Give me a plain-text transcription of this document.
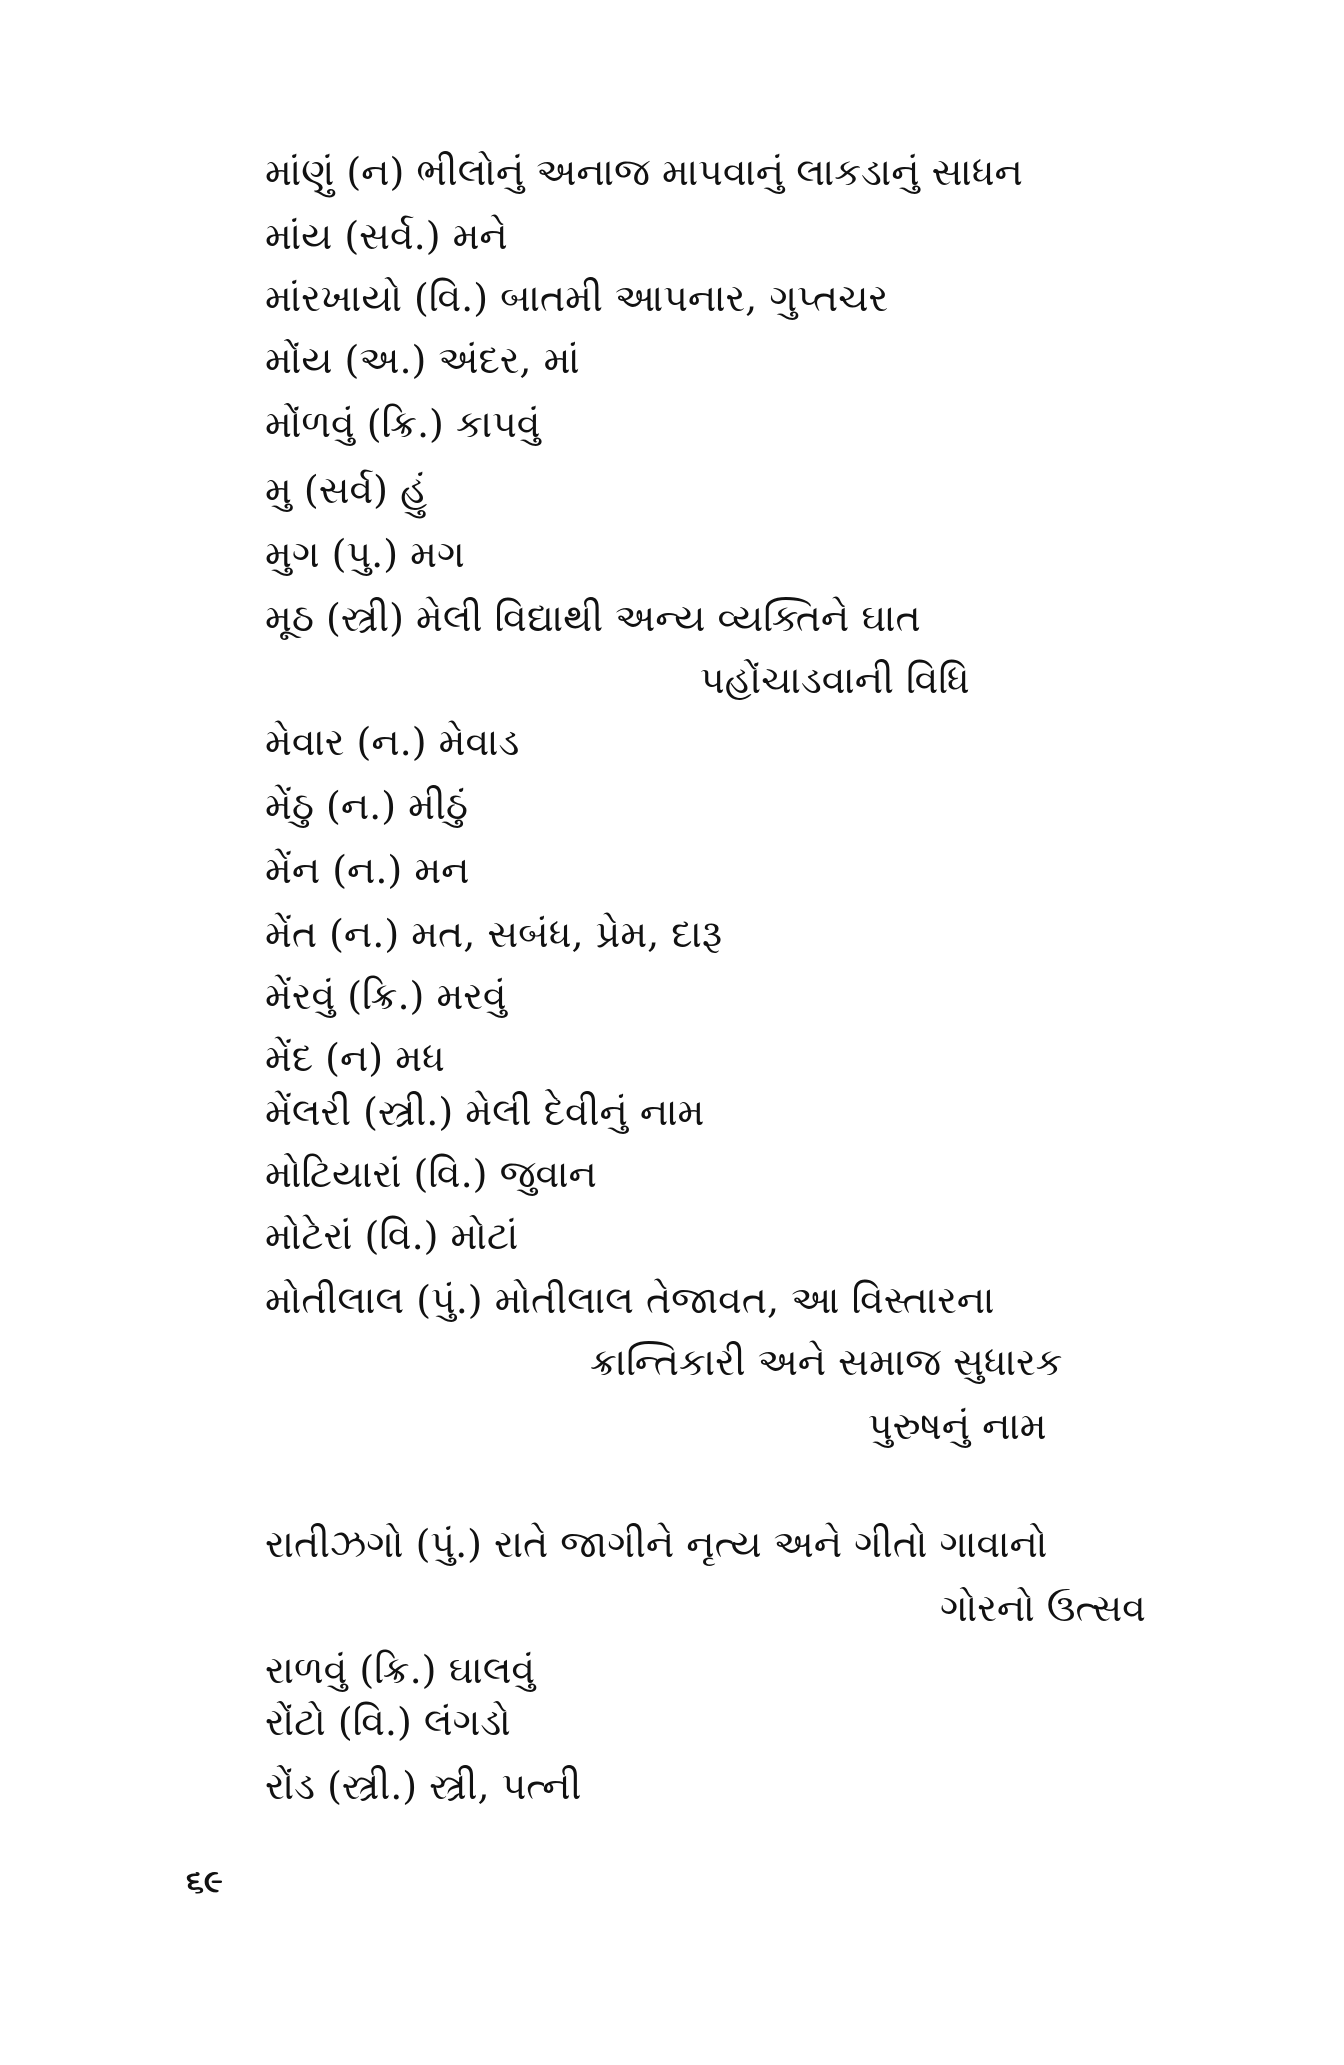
માંણું (ન) ભીલોનું અનાજ માપવાનું લાકડાનું સાધન
માંય (સર્વ.) મને
માંરખાયો (વિ.) બાતમી આપનાર, ગુપ્તચર
મોંય (અ.) અંદર, માં
મોંળવું (ક્રિ.) કાપવું
મુ (સર્વ) હું
મુગ (પુ.) મગ
મૂઠ (સ્ત્રી) મેલી વિદ્યાથી અન્ય વ્યક્તિને ઘાત
પહોંચાડવાની વિધિ
મેવાર (ન.) મેવાડ
મેંઠુ (ન.) મીઠું
મેંન (ન.) મન
મેંત (ન.) મત, સબંધ, પ્રેમ, દારૂ
મેંરવું (ક્રિ.) મરવું
મેંદ (ન) મધ
મેંલરી (સ્ત્રી.) મેલી દેવીનું નામ
મોટિયારાં (વિ.) જુવાન
મોટેરાં (વિ.) મોટાં
મોતીલાલ (પું.) મોતીલાલ તેજાવત, આ વિસ્તારના
ક્રાન્તિકારી અને સમાજ સુધારક
પુરુષનું નામ
રાતીઝગો (પું.) રાતે જાગીને નૃત્ય અને ગીતો ગાવાનો
ગોરનો ઉત્સવ
રાળવું (ક્રિ.) ઘાલવું
રોંટો (વિ.) લંગડો
રોંડ (સ્ત્રી.) સ્ત્રી, પત્ની
૬૯
